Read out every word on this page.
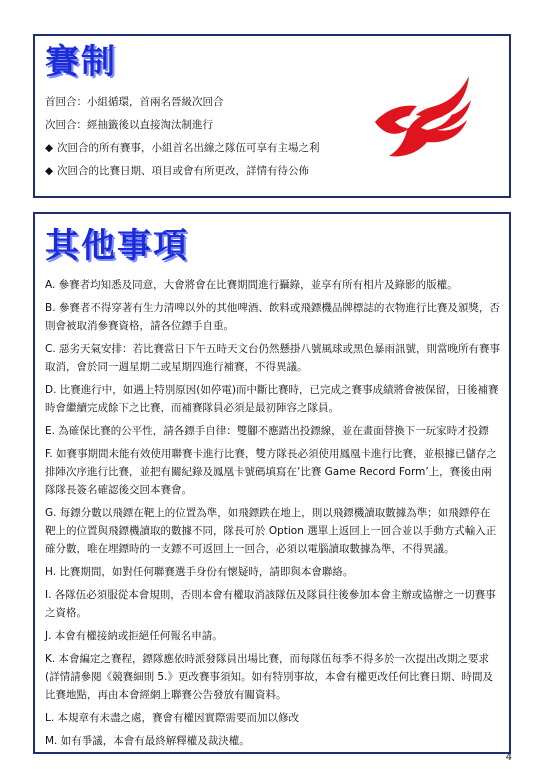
賽制
首回合：小組循環，首兩名晉級次回合
次回合：經抽籤後以直接淘汰制進行
◆ 次回合的所有賽事，小組首名出線之隊伍可享有主場之利
◆ 次回合的比賽日期、項目或會有所更改，詳情有待公佈
其他事項
A. 參賽者均知悉及同意，大會將會在比賽期間進行攝錄，並享有所有相片及錄影的版權。
B. 參賽者不得穿著有生力清啤以外的其他啤酒、飲料或飛鏢機品牌標誌的衣物進行比賽及頒獎，否則會被取消參賽資格，請各位鏢手自重。
C. 惡劣天氣安排：若比賽當日下午五時天文台仍然懸掛八號風球或黑色暴雨訊號，則當晚所有賽事取消，會於同一週星期二或星期四進行補賽，不得異議。
D. 比賽進行中，如遇上特別原因(如停電)而中斷比賽時，已完成之賽事成績將會被保留，日後補賽時會繼續完成餘下之比賽，而補賽隊員必須是最初陣容之隊員。
E. 為確保比賽的公平性，請各鏢手自律：雙腳不應踏出投鏢線，並在畫面替換下一玩家時才投鏢
F. 如賽事期間未能有效使用聯賽卡進行比賽，雙方隊長必須使用鳳凰卡進行比賽，並根據已儲存之排陣次序進行比賽，並把有關紀錄及鳳凰卡號碼填寫在’比賽 Game Record Form’上，賽後由兩隊隊長簽名確認後交回本賽會。
G. 每鏢分數以飛鏢在靶上的位置為準，如飛鏢跌在地上，則以飛鏢機讀取數據為準；如飛鏢停在靶上的位置與飛鏢機讀取的數據不同，隊長可於 Option 選單上返回上一回合並以手動方式輸入正確分數，唯在埋鏢時的一支鏢不可返回上一回合，必須以電腦讀取數據為準，不得異議。
H. 比賽期間，如對任何聯賽選手身份有懷疑時，請即與本會聯絡。
I. 各隊伍必須服從本會規則，否則本會有權取消該隊伍及隊員往後參加本會主辦或協辦之一切賽事之資格。
J. 本會有權接納或拒絕任何報名申請。
K. 本會編定之賽程，鏢隊應依時派發隊員出場比賽，而每隊伍每季不得多於一次提出改期之要求(詳情請參閱《競賽細則 5.》更改賽事須知。如有特別事故，本會有權更改任何比賽日期、時間及比賽地點，再由本會經網上聯賽公告發放有關資料。
L. 本規章有未盡之處，賽會有權因實際需要而加以修改
M. 如有爭議，本會有最終解釋權及裁決權。
4
